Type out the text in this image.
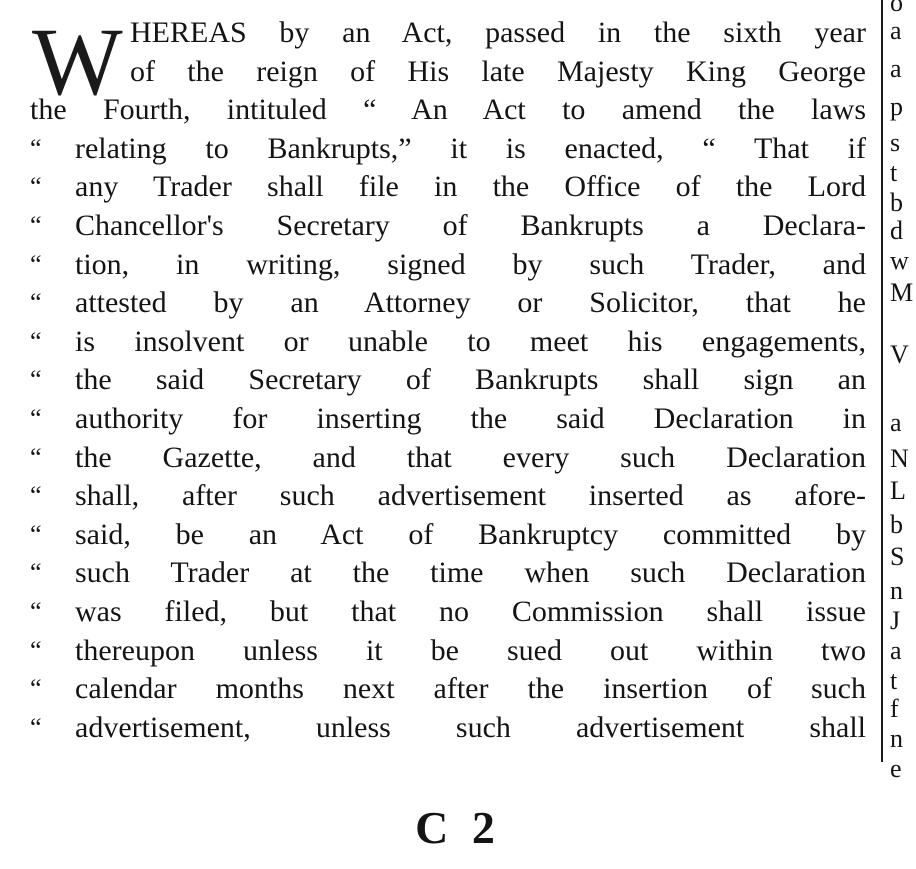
W HEREAS by an Act, passed in the sixth year
of the reign of His late Majesty King George
the Fourth, intituled “ An Act to amend the laws
“	relating to Bankrupts,” it is enacted, “ That if
“	any Trader shall file in the Office of the Lord
“	Chancellor's Secretary of Bankrupts a Declara-
“	tion, in writing, signed by such Trader, and
“	attested by an Attorney or Solicitor, that he
“	is insolvent or unable to meet his engagements,
“	the said Secretary of Bankrupts shall sign an
“	authority for inserting the said Declaration in
“	the Gazette, and that every such Declaration
“	shall, after such advertisement inserted as afore-
“	said, be an Act of Bankruptcy committed by
“	such Trader at the time when such Declaration
“	was filed, but that no Commission shall issue
“	thereupon unless it be sued out within two
“	calendar months next after the insertion of such
“	advertisement, unless such advertisement shall
o
a
a
p
s
t
b
d
w
M
V
a
N
L
b
S
n
J
a
t
f
n
e
C 2
